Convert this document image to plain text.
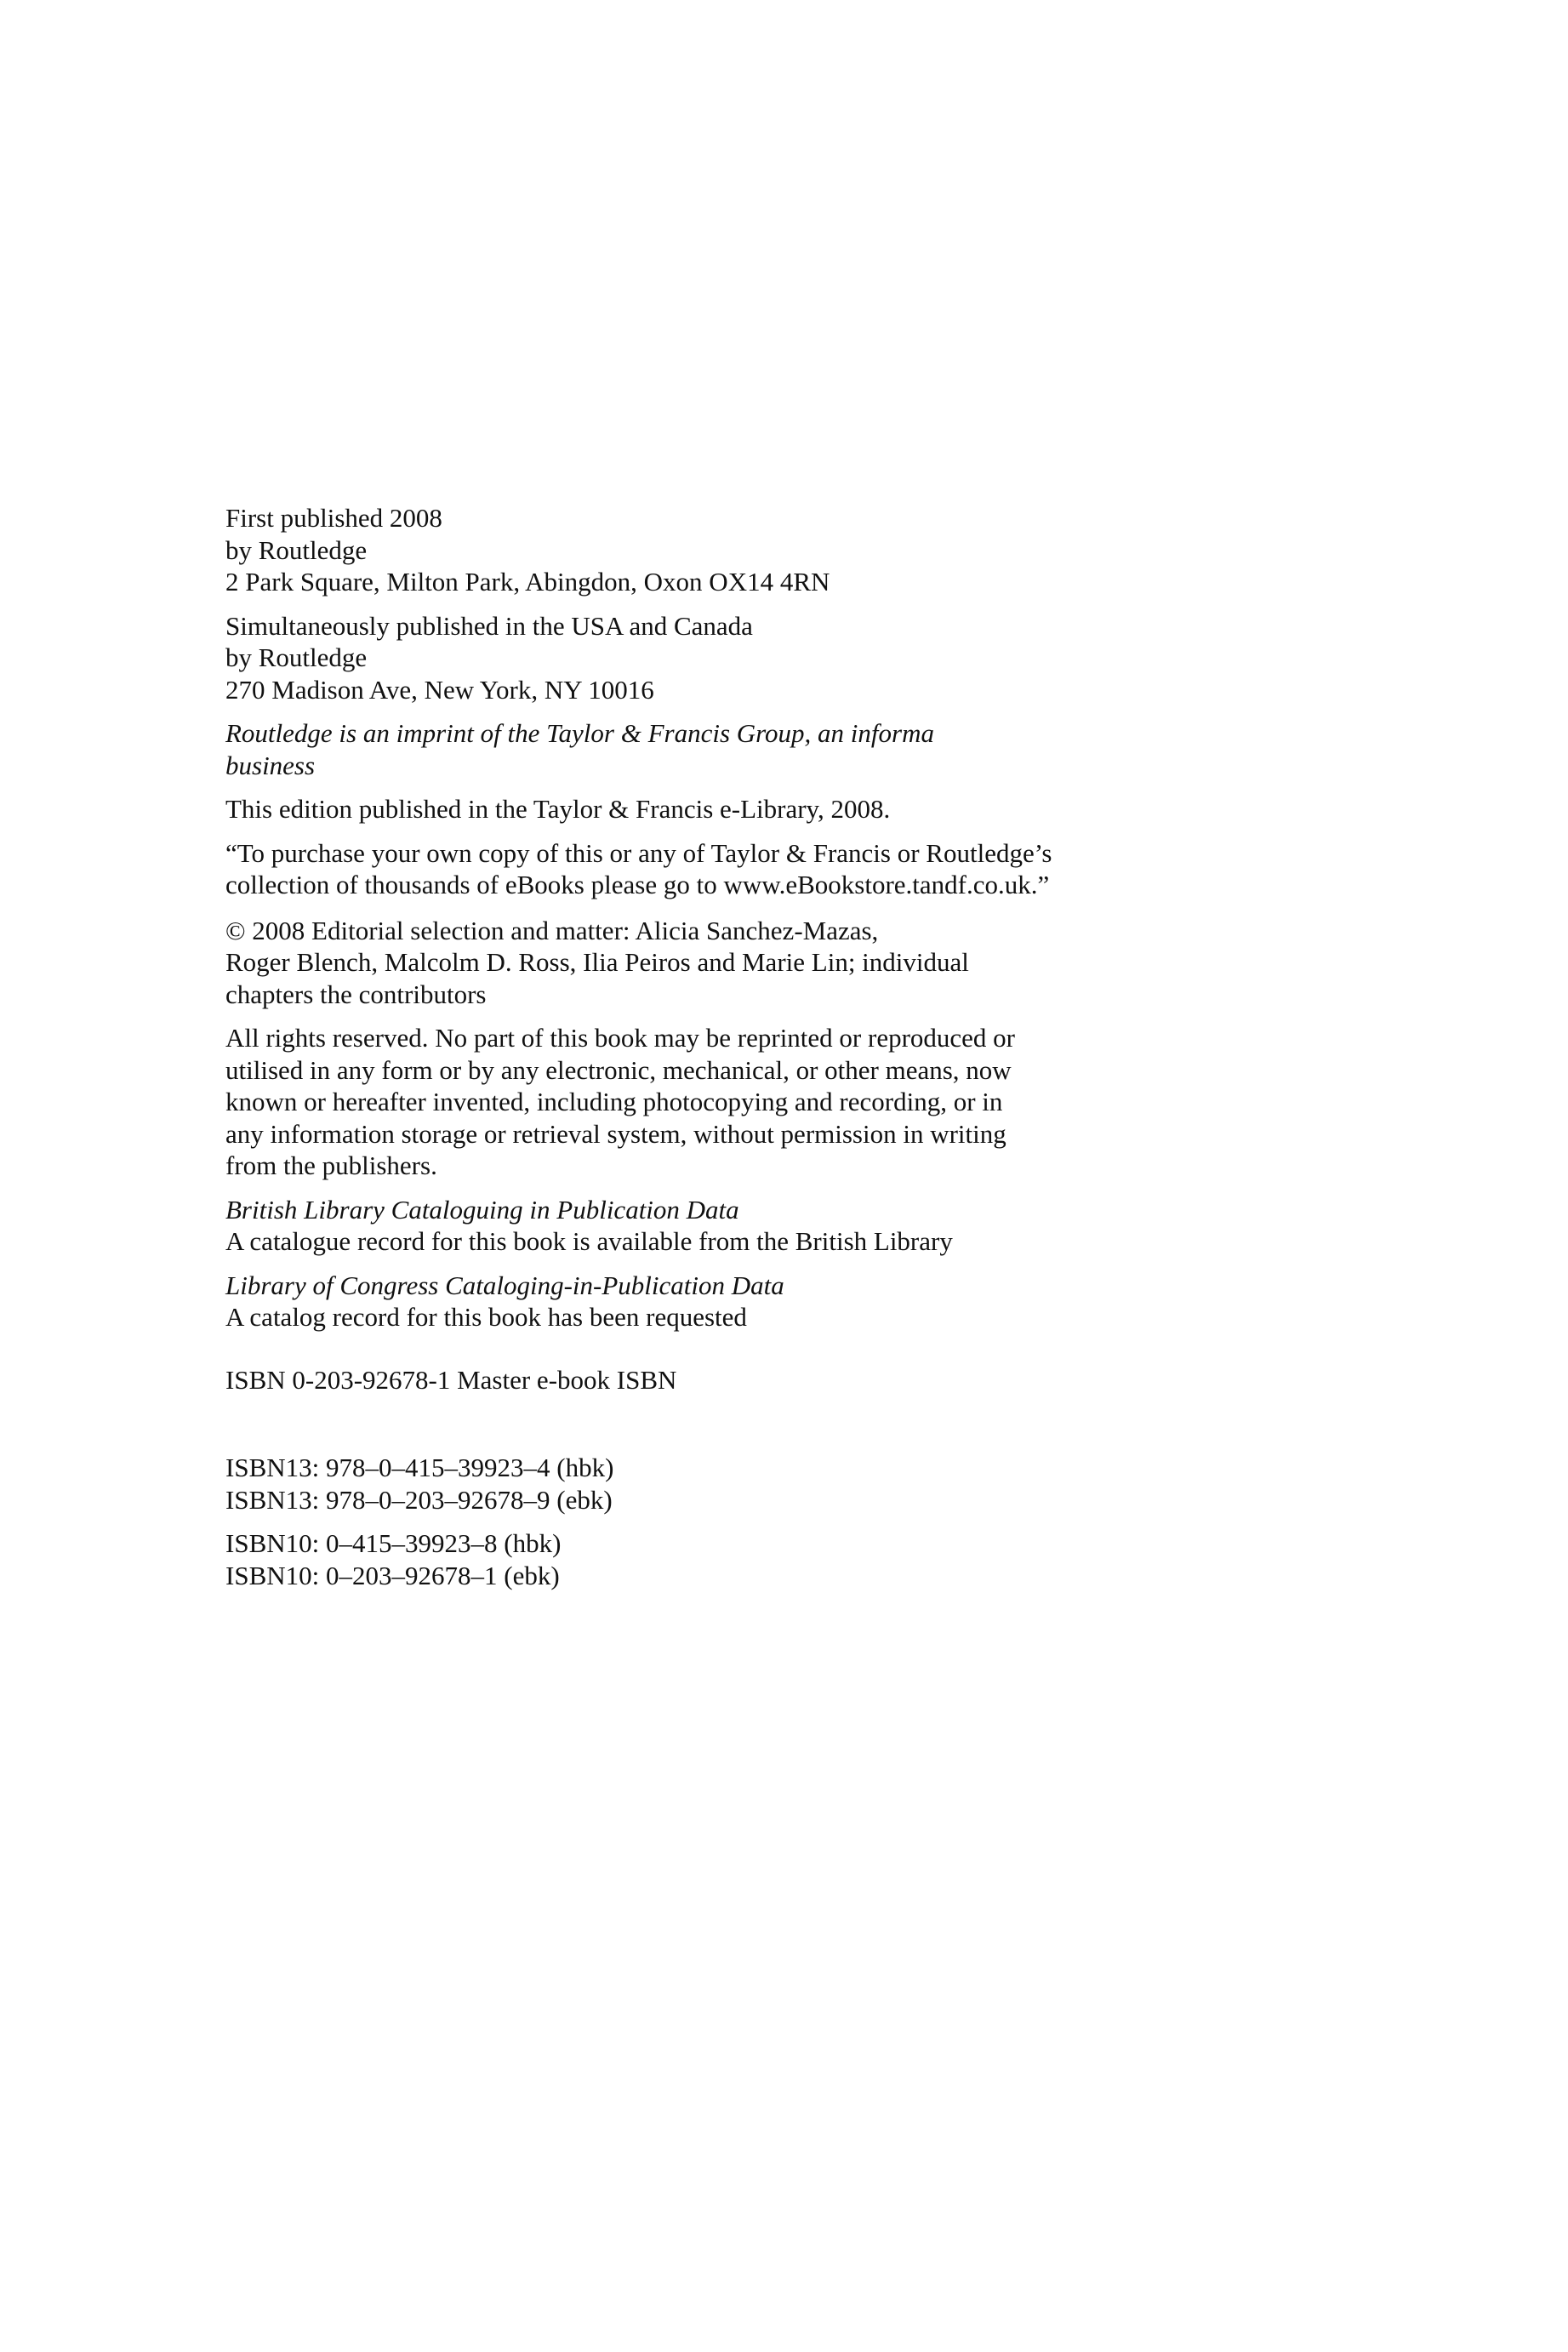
First published 2008
by Routledge
2 Park Square, Milton Park, Abingdon, Oxon OX14 4RN
Simultaneously published in the USA and Canada
by Routledge
270 Madison Ave, New York, NY 10016
Routledge is an imprint of the Taylor & Francis Group, an informa
business
This edition published in the Taylor & Francis e-Library, 2008.
“To purchase your own copy of this or any of Taylor & Francis or Routledge’s
collection of thousands of eBooks please go to www.eBookstore.tandf.co.uk.”
© 2008 Editorial selection and matter: Alicia Sanchez-Mazas,
Roger Blench, Malcolm D. Ross, Ilia Peiros and Marie Lin; individual
chapters the contributors
All rights reserved. No part of this book may be reprinted or reproduced or
utilised in any form or by any electronic, mechanical, or other means, now
known or hereafter invented, including photocopying and recording, or in
any information storage or retrieval system, without permission in writing
from the publishers.
British Library Cataloguing in Publication Data
A catalogue record for this book is available from the British Library
Library of Congress Cataloging-in-Publication Data
A catalog record for this book has been requested
ISBN 0-203-92678-1 Master e-book ISBN
ISBN13: 978–0–415–39923–4 (hbk)
ISBN13: 978–0–203–92678–9 (ebk)
ISBN10: 0–415–39923–8 (hbk)
ISBN10: 0–203–92678–1 (ebk)
